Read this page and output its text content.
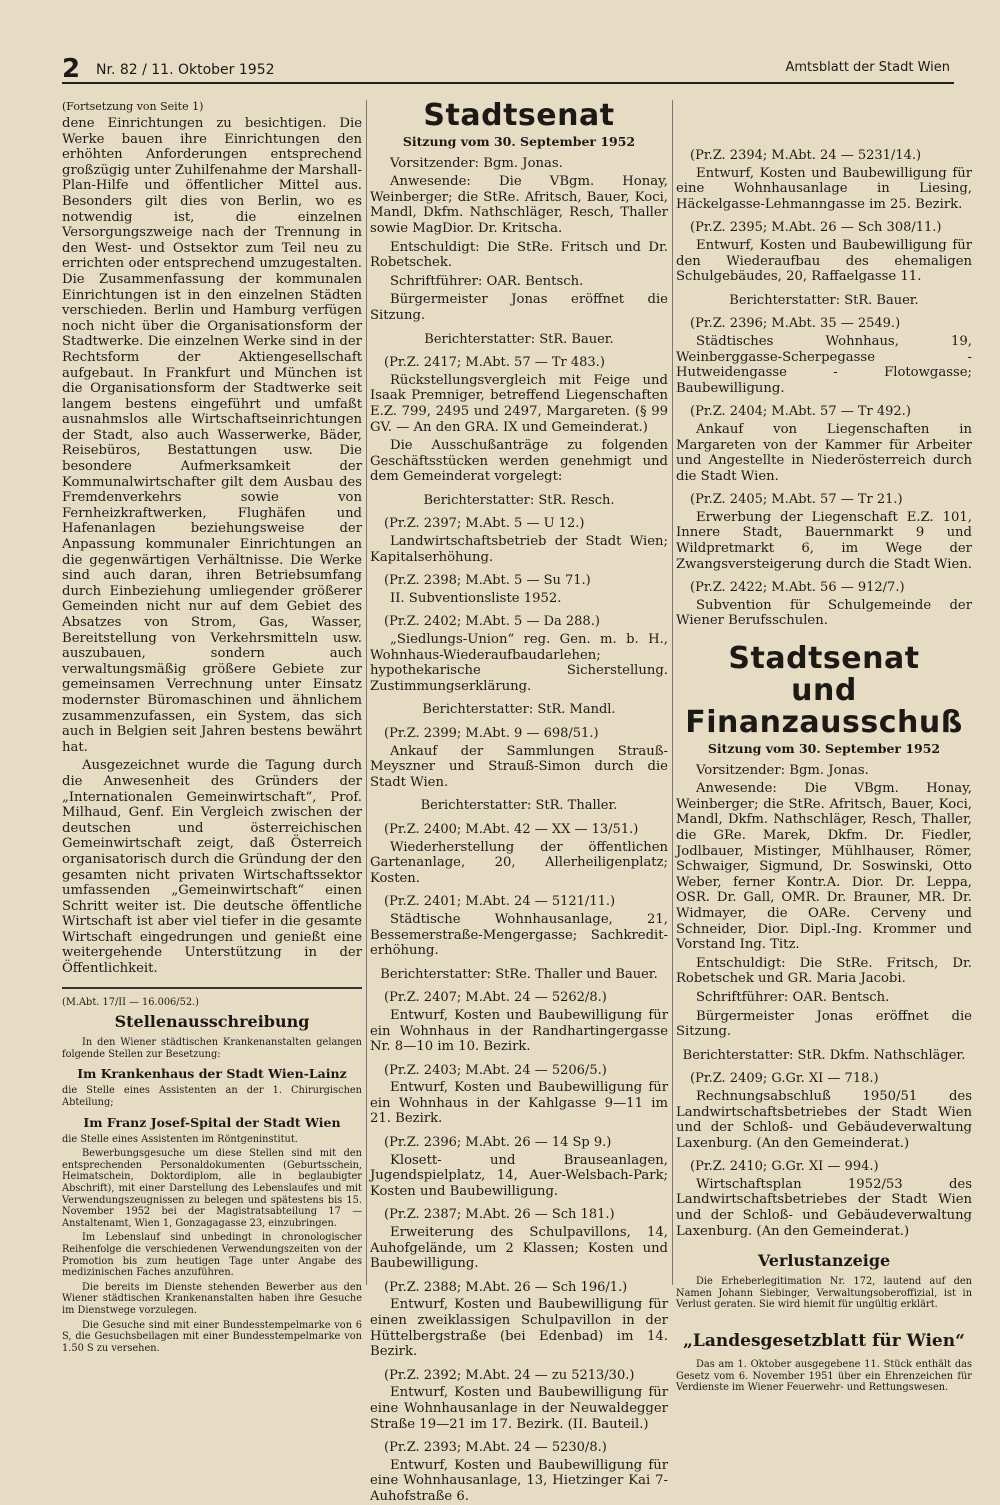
2 Nr. 82 / 11. Oktober 1952	Amtsblatt der Stadt Wien

(Fortsetzung von Seite 1)

dene Einrichtungen zu besichtigen. Die Werke bauen ihre Einrichtungen den erhöhten Anforderungen entsprechend großzügig unter Zuhilfenahme der Marshall-Plan-Hilfe und öffentlicher Mittel aus. Besonders gilt dies von Berlin, wo es notwendig ist, die einzelnen Versorgungszweige nach der Trennung in den West- und Ostsektor zum Teil neu zu errichten oder entsprechend umzugestalten. Die Zusammenfassung der kommunalen Einrichtungen ist in den einzelnen Städten verschieden. Berlin und Hamburg verfügen noch nicht über die Organisationsform der Stadtwerke. Die einzelnen Werke sind in der Rechtsform der Aktiengesellschaft aufgebaut. In Frankfurt und München ist die Organisationsform der Stadtwerke seit langem bestens eingeführt und umfaßt ausnahmslos alle Wirtschaftseinrichtungen der Stadt, also auch Wasserwerke, Bäder, Reisebüros, Bestattungen usw. Die besondere Aufmerksamkeit der Kommunalwirtschafter gilt dem Ausbau des Fremdenverkehrs sowie von Fernheizkraftwerken, Flughäfen und Hafenanlagen beziehungsweise der Anpassung kommunaler Einrichtungen an die gegenwärtigen Verhältnisse. Die Werke sind auch daran, ihren Betriebsumfang durch Einbeziehung umliegender größerer Gemeinden nicht nur auf dem Gebiet des Absatzes von Strom, Gas, Wasser, Bereitstellung von Verkehrsmitteln usw. auszubauen, sondern auch verwaltungsmäßig größere Gebiete zur gemeinsamen Verrechnung unter Einsatz modernster Büromaschinen und ähnlichem zusammenzufassen, ein System, das sich auch in Belgien seit Jahren bestens bewährt hat.

Ausgezeichnet wurde die Tagung durch die Anwesenheit des Gründers der „Internationalen Gemeinwirtschaft“, Prof. Milhaud, Genf. Ein Vergleich zwischen der deutschen und österreichischen Gemeinwirtschaft zeigt, daß Österreich organisatorisch durch die Gründung der den gesamten nicht privaten Wirtschaftssektor umfassenden „Gemeinwirtschaft“ einen Schritt weiter ist. Die deutsche öffentliche Wirtschaft ist aber viel tiefer in die gesamte Wirtschaft eingedrungen und genießt eine weitergehende Unterstützung in der Öffentlichkeit.

(M.Abt. 17/II — 16.006/52.)

Stellenausschreibung

In den Wiener städtischen Krankenanstalten gelangen folgende Stellen zur Besetzung:

Im Krankenhaus der Stadt Wien-Lainz

die Stelle eines Assistenten an der 1. Chirurgischen Abteilung;

Im Franz Josef-Spital der Stadt Wien

die Stelle eines Assistenten im Röntgeninstitut.

Bewerbungsgesuche um diese Stellen sind mit den entsprechenden Personaldokumenten (Geburtsschein, Heimatschein, Doktordiplom, alle in beglaubigter Abschrift), mit einer Darstellung des Lebenslaufes und mit Verwendungszeugnissen zu belegen und spätestens bis 15. November 1952 bei der Magistratsabteilung 17 — Anstaltenamt, Wien 1, Gonzagagasse 23, einzubringen.

Im Lebenslauf sind unbedingt in chronologischer Reihenfolge die verschiedenen Verwendungszeiten von der Promotion bis zum heutigen Tage unter Angabe des medizinischen Faches anzuführen.

Die bereits im Dienste stehenden Bewerber aus den Wiener städtischen Krankenanstalten haben ihre Gesuche im Dienstwege vorzulegen.

Die Gesuche sind mit einer Bundesstempelmarke von 6 S, die Gesuchsbeilagen mit einer Bundesstempelmarke von 1.50 S zu versehen.

Stadtsenat

Sitzung vom 30. September 1952

Vorsitzender: Bgm. Jonas.

Anwesende: Die VBgm. Honay, Weinberger; die StRe. Afritsch, Bauer, Koci, Mandl, Dkfm. Nathschläger, Resch, Thaller sowie MagDior. Dr. Kritscha.

Entschuldigt: Die StRe. Fritsch und Dr. Robetschek.

Schriftführer: OAR. Bentsch.

Bürgermeister Jonas eröffnet die Sitzung.

Berichterstatter: StR. Bauer.

(Pr.Z. 2417; M.Abt. 57 — Tr 483.)

Rückstellungsvergleich mit Feige und Isaak Premniger, betreffend Liegenschaften E.Z. 799, 2495 und 2497, Margareten. (§ 99 GV. — An den GRA. IX und Gemeinderat.)

Die Ausschußanträge zu folgenden Geschäftsstücken werden genehmigt und dem Gemeinderat vorgelegt:

Berichterstatter: StR. Resch.

(Pr.Z. 2397; M.Abt. 5 — U 12.)

Landwirtschaftsbetrieb der Stadt Wien; Kapitalserhöhung.

(Pr.Z. 2398; M.Abt. 5 — Su 71.)

II. Subventionsliste 1952.

(Pr.Z. 2402; M.Abt. 5 — Da 288.)

„Siedlungs-Union“ reg. Gen. m. b. H., Wohnhaus-Wiederaufbaudarlehen; hypothekarische Sicherstellung. Zustimmungserklärung.

Berichterstatter: StR. Mandl.

(Pr.Z. 2399; M.Abt. 9 — 698/51.)

Ankauf der Sammlungen Strauß-Meyszner und Strauß-Simon durch die Stadt Wien.

Berichterstatter: StR. Thaller.

(Pr.Z. 2400; M.Abt. 42 — XX — 13/51.)

Wiederherstellung der öffentlichen Gartenanlage, 20, Allerheiligenplatz; Kosten.

(Pr.Z. 2401; M.Abt. 24 — 5121/11.)

Städtische Wohnhausanlage, 21, Bessemerstraße-Mengergasse; Sachkrediterhöhung.

Berichterstatter: StRe. Thaller und Bauer.

(Pr.Z. 2407; M.Abt. 24 — 5262/8.)

Entwurf, Kosten und Baubewilligung für ein Wohnhaus in der Randhartingergasse Nr. 8—10 im 10. Bezirk.

(Pr.Z. 2403; M.Abt. 24 — 5206/5.)

Entwurf, Kosten und Baubewilligung für ein Wohnhaus in der Kahlgasse 9—11 im 21. Bezirk.

(Pr.Z. 2396; M.Abt. 26 — 14 Sp 9.)

Klosett- und Brauseanlagen, Jugendspielplatz, 14, Auer-Welsbach-Park; Kosten und Baubewilligung.

(Pr.Z. 2387; M.Abt. 26 — Sch 181.)

Erweiterung des Schulpavillons, 14, Auhofgelände, um 2 Klassen; Kosten und Baubewilligung.

(Pr.Z. 2388; M.Abt. 26 — Sch 196/1.)

Entwurf, Kosten und Baubewilligung für einen zweiklassigen Schulpavillon in der Hüttelbergstraße (bei Edenbad) im 14. Bezirk.

(Pr.Z. 2392; M.Abt. 24 — zu 5213/30.)

Entwurf, Kosten und Baubewilligung für eine Wohnhausanlage in der Neuwaldegger Straße 19—21 im 17. Bezirk. (II. Bauteil.)

(Pr.Z. 2393; M.Abt. 24 — 5230/8.)

Entwurf, Kosten und Baubewilligung für eine Wohnhausanlage, 13, Hietzinger Kai 7-Auhofstraße 6.

(Pr.Z. 2394; M.Abt. 24 — 5231/14.)

Entwurf, Kosten und Baubewilligung für eine Wohnhausanlage in Liesing, Häckelgasse-Lehmanngasse im 25. Bezirk.

(Pr.Z. 2395; M.Abt. 26 — Sch 308/11.)

Entwurf, Kosten und Baubewilligung für den Wiederaufbau des ehemaligen Schulgebäudes, 20, Raffaelgasse 11.

Berichterstatter: StR. Bauer.

(Pr.Z. 2396; M.Abt. 35 — 2549.)

Städtisches Wohnhaus, 19, Weinberggasse-Scherpegasse - Hutweidengasse - Flotowgasse; Baubewilligung.

(Pr.Z. 2404; M.Abt. 57 — Tr 492.)

Ankauf von Liegenschaften in Margareten von der Kammer für Arbeiter und Angestellte in Niederösterreich durch die Stadt Wien.

(Pr.Z. 2405; M.Abt. 57 — Tr 21.)

Erwerbung der Liegenschaft E.Z. 101, Innere Stadt, Bauernmarkt 9 und Wildpretmarkt 6, im Wege der Zwangsversteigerung durch die Stadt Wien.

(Pr.Z. 2422; M.Abt. 56 — 912/7.)

Subvention für Schulgemeinde der Wiener Berufsschulen.

Stadtsenat
und Finanzausschuß

Sitzung vom 30. September 1952

Vorsitzender: Bgm. Jonas.

Anwesende: Die VBgm. Honay, Weinberger; die StRe. Afritsch, Bauer, Koci, Mandl, Dkfm. Nathschläger, Resch, Thaller, die GRe. Marek, Dkfm. Dr. Fiedler, Jodlbauer, Mistinger, Mühlhauser, Römer, Schwaiger, Sigmund, Dr. Soswinski, Otto Weber, ferner Kontr.A. Dior. Dr. Leppa, OSR. Dr. Gall, OMR. Dr. Brauner, MR. Dr. Widmayer, die OARe. Cerveny und Schneider, Dior. Dipl.-Ing. Krommer und Vorstand Ing. Titz.

Entschuldigt: Die StRe. Fritsch, Dr. Robetschek und GR. Maria Jacobi.

Schriftführer: OAR. Bentsch.

Bürgermeister Jonas eröffnet die Sitzung.

Berichterstatter: StR. Dkfm. Nathschläger.

(Pr.Z. 2409; G.Gr. XI — 718.)

Rechnungsabschluß 1950/51 des Landwirtschaftsbetriebes der Stadt Wien und der Schloß- und Gebäudeverwaltung Laxenburg. (An den Gemeinderat.)

(Pr.Z. 2410; G.Gr. XI — 994.)

Wirtschaftsplan 1952/53 des Landwirtschaftsbetriebes der Stadt Wien und der Schloß- und Gebäudeverwaltung Laxenburg. (An den Gemeinderat.)

Verlustanzeige

Die Erheberlegitimation Nr. 172, lautend auf den Namen Johann Siebinger, Verwaltungsoberoffizial, ist in Verlust geraten. Sie wird hiemit für ungültig erklärt.

„Landesgesetzblatt für Wien“

Das am 1. Oktober ausgegebene 11. Stück enthält das Gesetz vom 6. November 1951 über ein Ehrenzeichen für Verdienste im Wiener Feuerwehr- und Rettungswesen.
